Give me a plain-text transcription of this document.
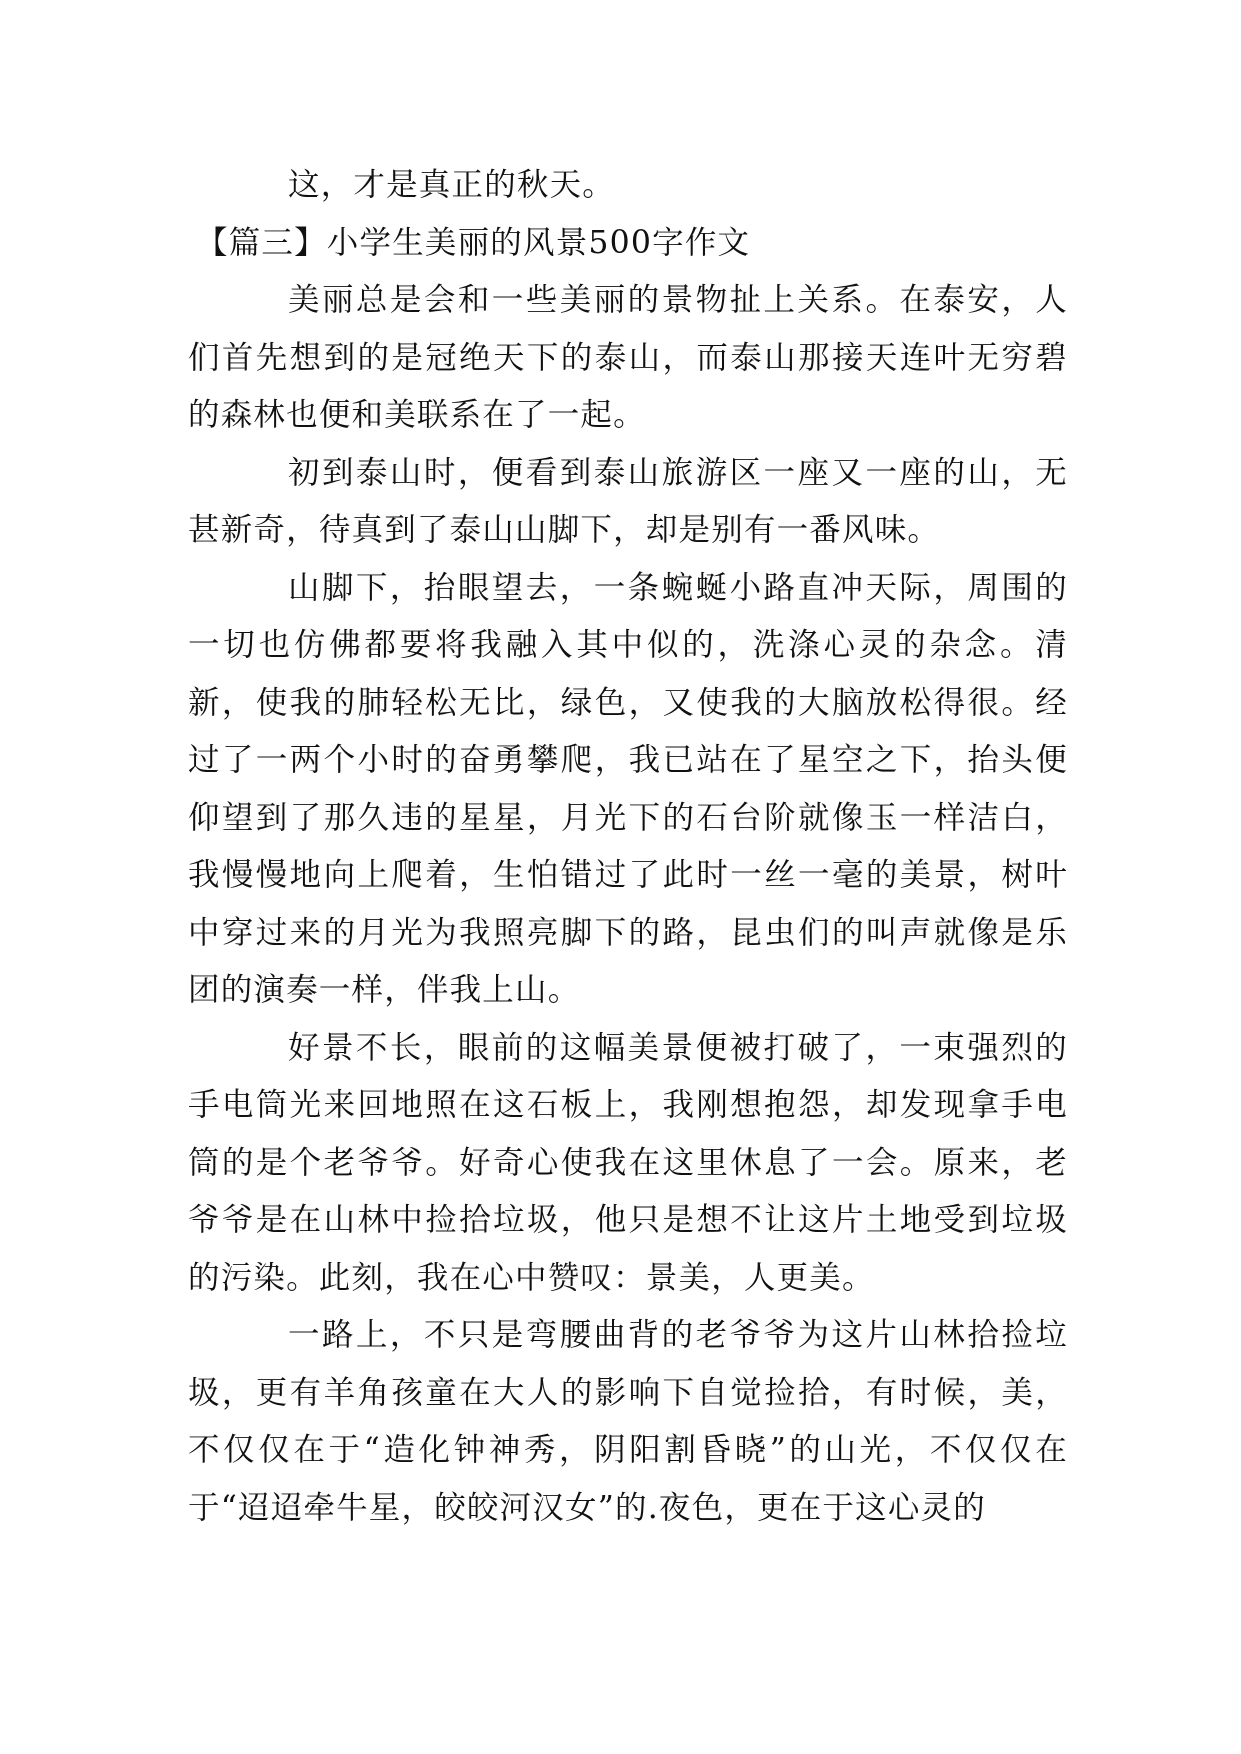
这，才是真正的秋天。

【篇三】小学生美丽的风景500字作文

美丽总是会和一些美丽的景物扯上关系。在泰安，人们首先想到的是冠绝天下的泰山，而泰山那接天连叶无穷碧的森林也便和美联系在了一起。

初到泰山时，便看到泰山旅游区一座又一座的山，无甚新奇，待真到了泰山山脚下，却是别有一番风味。

山脚下，抬眼望去，一条蜿蜒小路直冲天际，周围的一切也仿佛都要将我融入其中似的，洗涤心灵的杂念。清新，使我的肺轻松无比，绿色，又使我的大脑放松得很。经过了一两个小时的奋勇攀爬，我已站在了星空之下，抬头便仰望到了那久违的星星，月光下的石台阶就像玉一样洁白，我慢慢地向上爬着，生怕错过了此时一丝一毫的美景，树叶中穿过来的月光为我照亮脚下的路，昆虫们的叫声就像是乐团的演奏一样，伴我上山。

好景不长，眼前的这幅美景便被打破了，一束强烈的手电筒光来回地照在这石板上，我刚想抱怨，却发现拿手电筒的是个老爷爷。好奇心使我在这里休息了一会。原来，老爷爷是在山林中捡拾垃圾，他只是想不让这片土地受到垃圾的污染。此刻，我在心中赞叹：景美，人更美。

一路上，不只是弯腰曲背的老爷爷为这片山林拾捡垃圾，更有羊角孩童在大人的影响下自觉捡拾，有时候，美，不仅仅在于“造化钟神秀，阴阳割昏晓”的山光，不仅仅在于“迢迢牵牛星，皎皎河汉女”的.夜色，更在于这心灵的
